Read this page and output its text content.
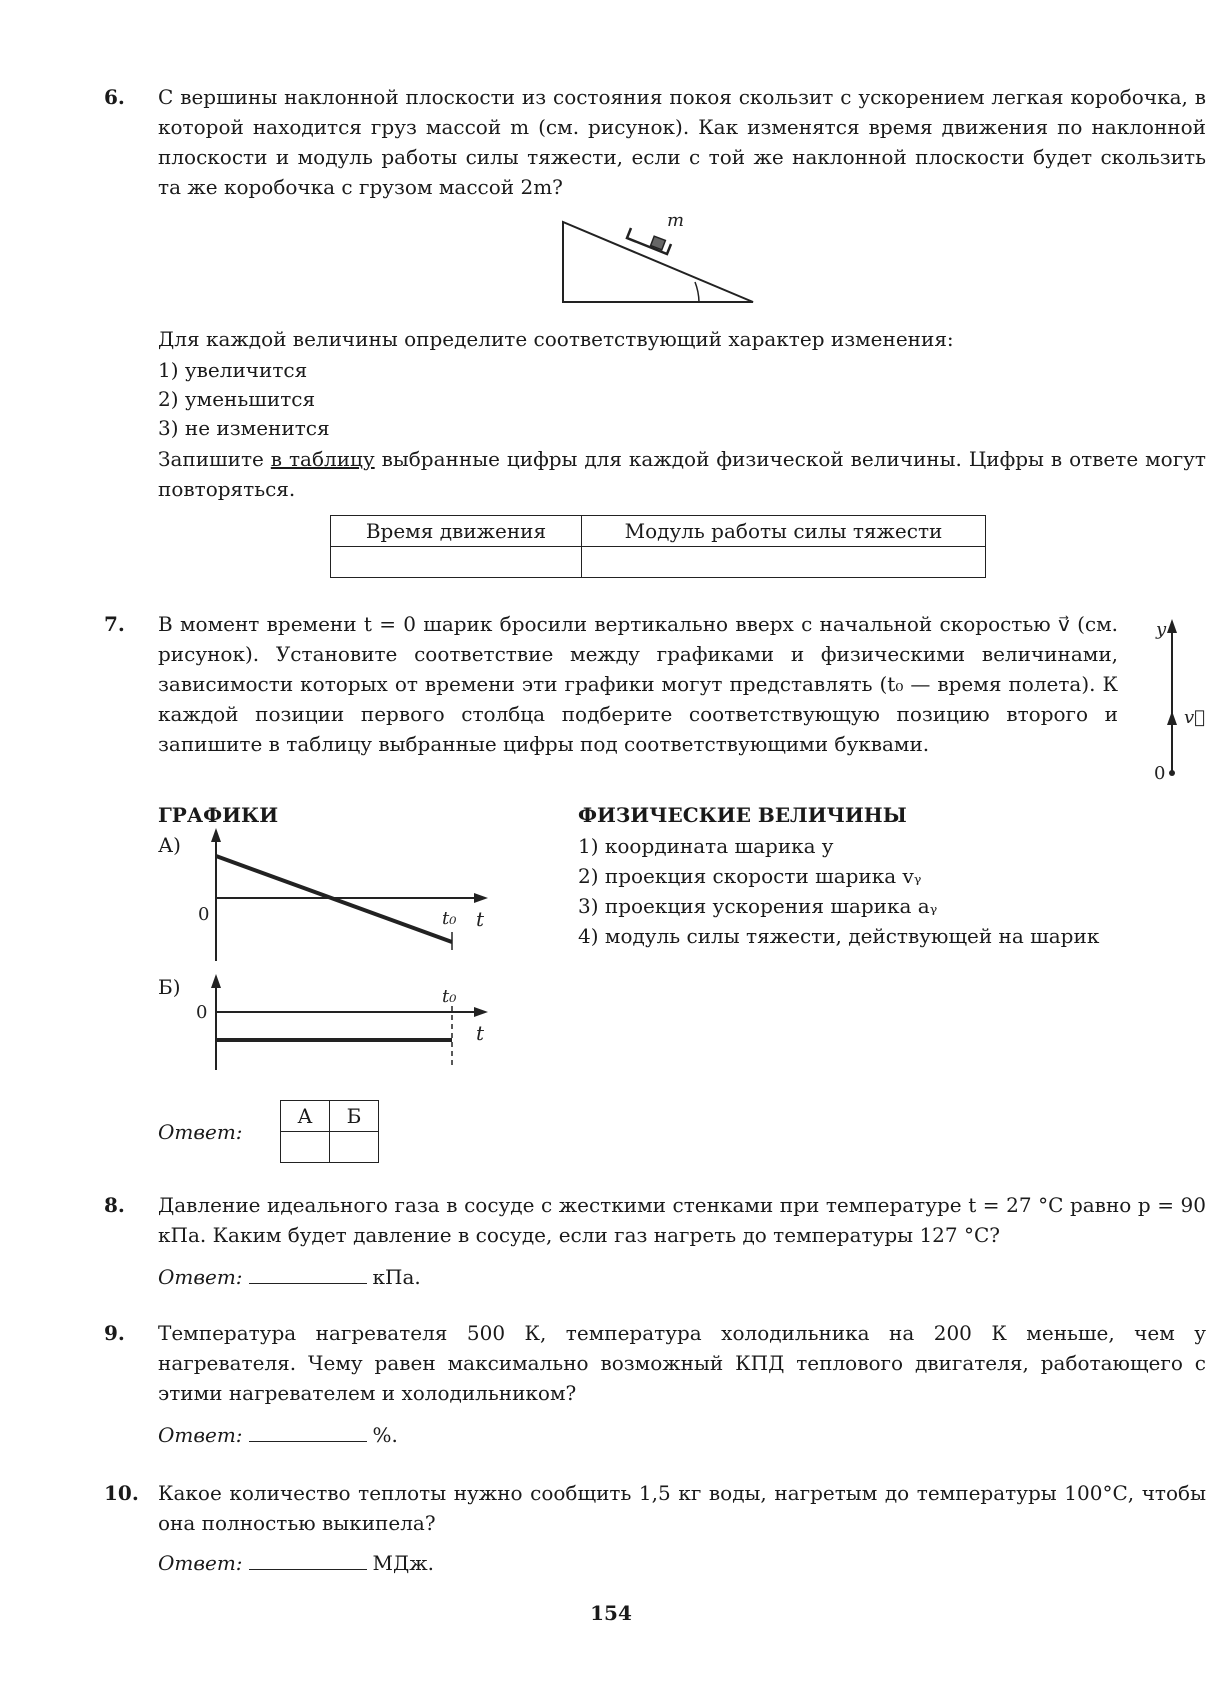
6. С вершины наклонной плоскости из состояния покоя скользит с ускорением легкая коробочка, в которой находится груз массой m (см. рисунок). Как изменятся время движения по наклонной плоскости и модуль работы силы тяжести, если с той же наклонной плоскости будет скользить та же коробочка с грузом массой 2m?
m
Для каждой величины определите соответствующий характер изменения:
1) увеличится
2) уменьшится
3) не изменится
Запишите в таблицу выбранные цифры для каждой физической величины. Цифры в ответе могут повторяться.
Время движения	Модуль работы силы тяжести

7. В момент времени t = 0 шарик бросили вертикально вверх с начальной скоростью v⃗ (см. рисунок). Установите соответствие между графиками и физическими величинами, зависимости которых от времени эти графики могут представлять (t₀ — время полета). К каждой позиции первого столбца подберите соответствующую позицию второго и запишите в таблицу выбранные цифры под соответствующими буквами.
y
v⃗
0
ГРАФИКИ	ФИЗИЧЕСКИЕ ВЕЛИЧИНЫ
А)
0	t₀ t
Б)
0
t₀
t
1) координата шарика y
2) проекция скорости шарика vᵧ
3) проекция ускорения шарика aᵧ
4) модуль силы тяжести, действующей на шарик
Ответ:
А	Б

8. Давление идеального газа в сосуде с жесткими стенками при температуре t = 27 °C равно p = 90 кПа. Каким будет давление в сосуде, если газ нагреть до температуры 127 °C?
Ответ:	кПа.
9. Температура нагревателя 500 К, температура холодильника на 200 К меньше, чем у нагревателя. Чему равен максимально возможный КПД теплового двигателя, работающего с этими нагревателем и холодильником?
Ответ:	%.
10. Какое количество теплоты нужно сообщить 1,5 кг воды, нагретым до температуры 100°С, чтобы она полностью выкипела?
Ответ:	МДж.
154
